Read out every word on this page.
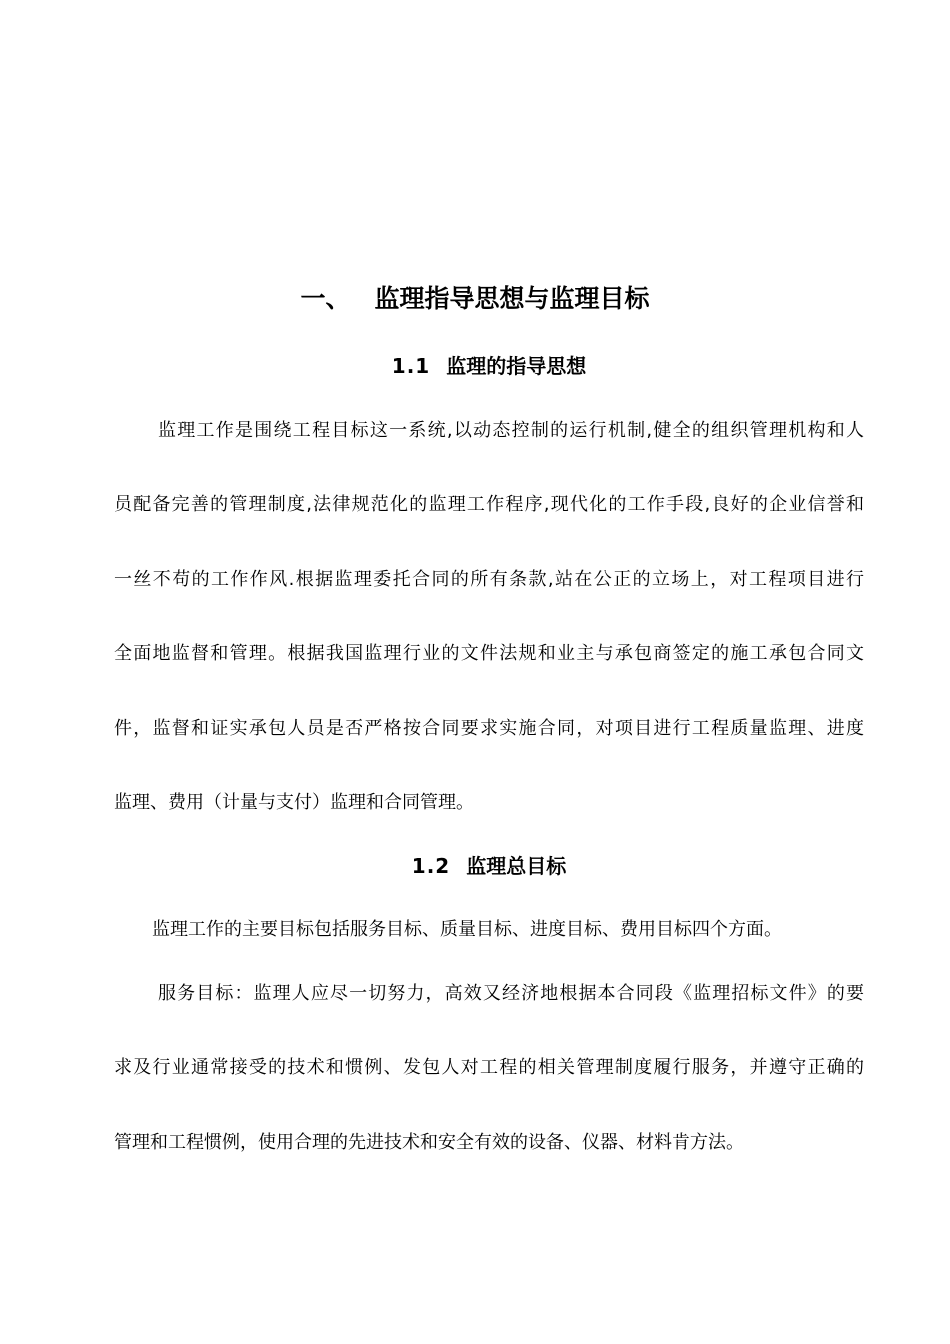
一、 监理指导思想与监理目标
1.1 监理的指导思想
监理工作是围绕工程目标这一系统,以动态控制的运行机制,健全的组织管理机构和人
员配备完善的管理制度,法律规范化的监理工作程序,现代化的工作手段,良好的企业信誉和
一丝不苟的工作作风.根据监理委托合同的所有条款,站在公正的立场上，对工程项目进行
全面地监督和管理。根据我国监理行业的文件法规和业主与承包商签定的施工承包合同文
件，监督和证实承包人员是否严格按合同要求实施合同，对项目进行工程质量监理、进度
监理、费用（计量与支付）监理和合同管理。
1.2 监理总目标
监理工作的主要目标包括服务目标、质量目标、进度目标、费用目标四个方面。
服务目标：监理人应尽一切努力，高效又经济地根据本合同段《监理招标文件》的要
求及行业通常接受的技术和惯例、发包人对工程的相关管理制度履行服务，并遵守正确的
管理和工程惯例，使用合理的先进技术和安全有效的设备、仪器、材料肯方法。
